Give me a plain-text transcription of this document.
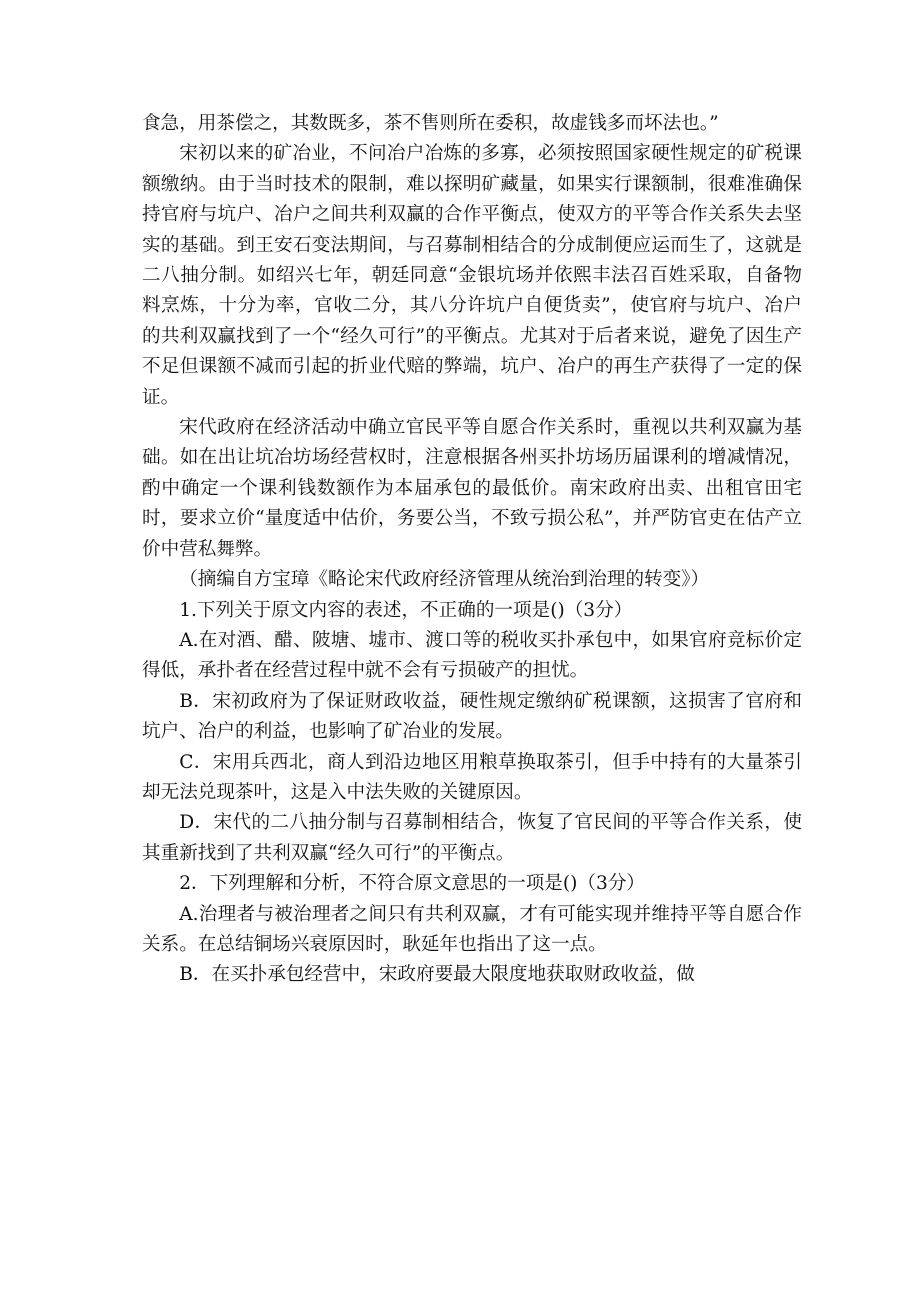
食急，用茶偿之，其数既多，茶不售则所在委积，故虚钱多而坏法也。”

宋初以来的矿冶业，不问冶户冶炼的多寡，必须按照国家硬性规定的矿税课额缴纳。由于当时技术的限制，难以探明矿藏量，如果实行课额制，很难准确保持官府与坑户、冶户之间共利双赢的合作平衡点，使双方的平等合作关系失去坚实的基础。到王安石变法期间，与召募制相结合的分成制便应运而生了，这就是二八抽分制。如绍兴七年，朝廷同意“金银坑场并依熙丰法召百姓采取，自备物料烹炼，十分为率，官收二分，其八分许坑户自便货卖”，使官府与坑户、冶户的共利双赢找到了一个“经久可行”的平衡点。尤其对于后者来说，避免了因生产不足但课额不减而引起的折业代赔的弊端，坑户、冶户的再生产获得了一定的保证。

宋代政府在经济活动中确立官民平等自愿合作关系时，重视以共利双赢为基础。如在出让坑冶坊场经营权时，注意根据各州买扑坊场历届课利的增减情况，酌中确定一个课利钱数额作为本届承包的最低价。南宋政府出卖、出租官田宅时，要求立价“量度适中估价，务要公当，不致亏损公私”，并严防官吏在估产立价中营私舞弊。

（摘编自方宝璋《略论宋代政府经济管理从统治到治理的转变》）

1.下列关于原文内容的表述，不正确的一项是()（3分）

A.在对酒、醋、陂塘、墟市、渡口等的税收买扑承包中，如果官府竞标价定得低，承扑者在经营过程中就不会有亏损破产的担忧。

B．宋初政府为了保证财政收益，硬性规定缴纳矿税课额，这损害了官府和坑户、冶户的利益，也影响了矿冶业的发展。

C．宋用兵西北，商人到沿边地区用粮草换取茶引，但手中持有的大量茶引却无法兑现茶叶，这是入中法失败的关键原因。

D．宋代的二八抽分制与召募制相结合，恢复了官民间的平等合作关系，使其重新找到了共利双赢“经久可行”的平衡点。

2．下列理解和分析，不符合原文意思的一项是()（3分）

A.治理者与被治理者之间只有共利双赢，才有可能实现并维持平等自愿合作关系。在总结铜场兴衰原因时，耿延年也指出了这一点。

B．在买扑承包经营中，宋政府要最大限度地获取财政收益，做
